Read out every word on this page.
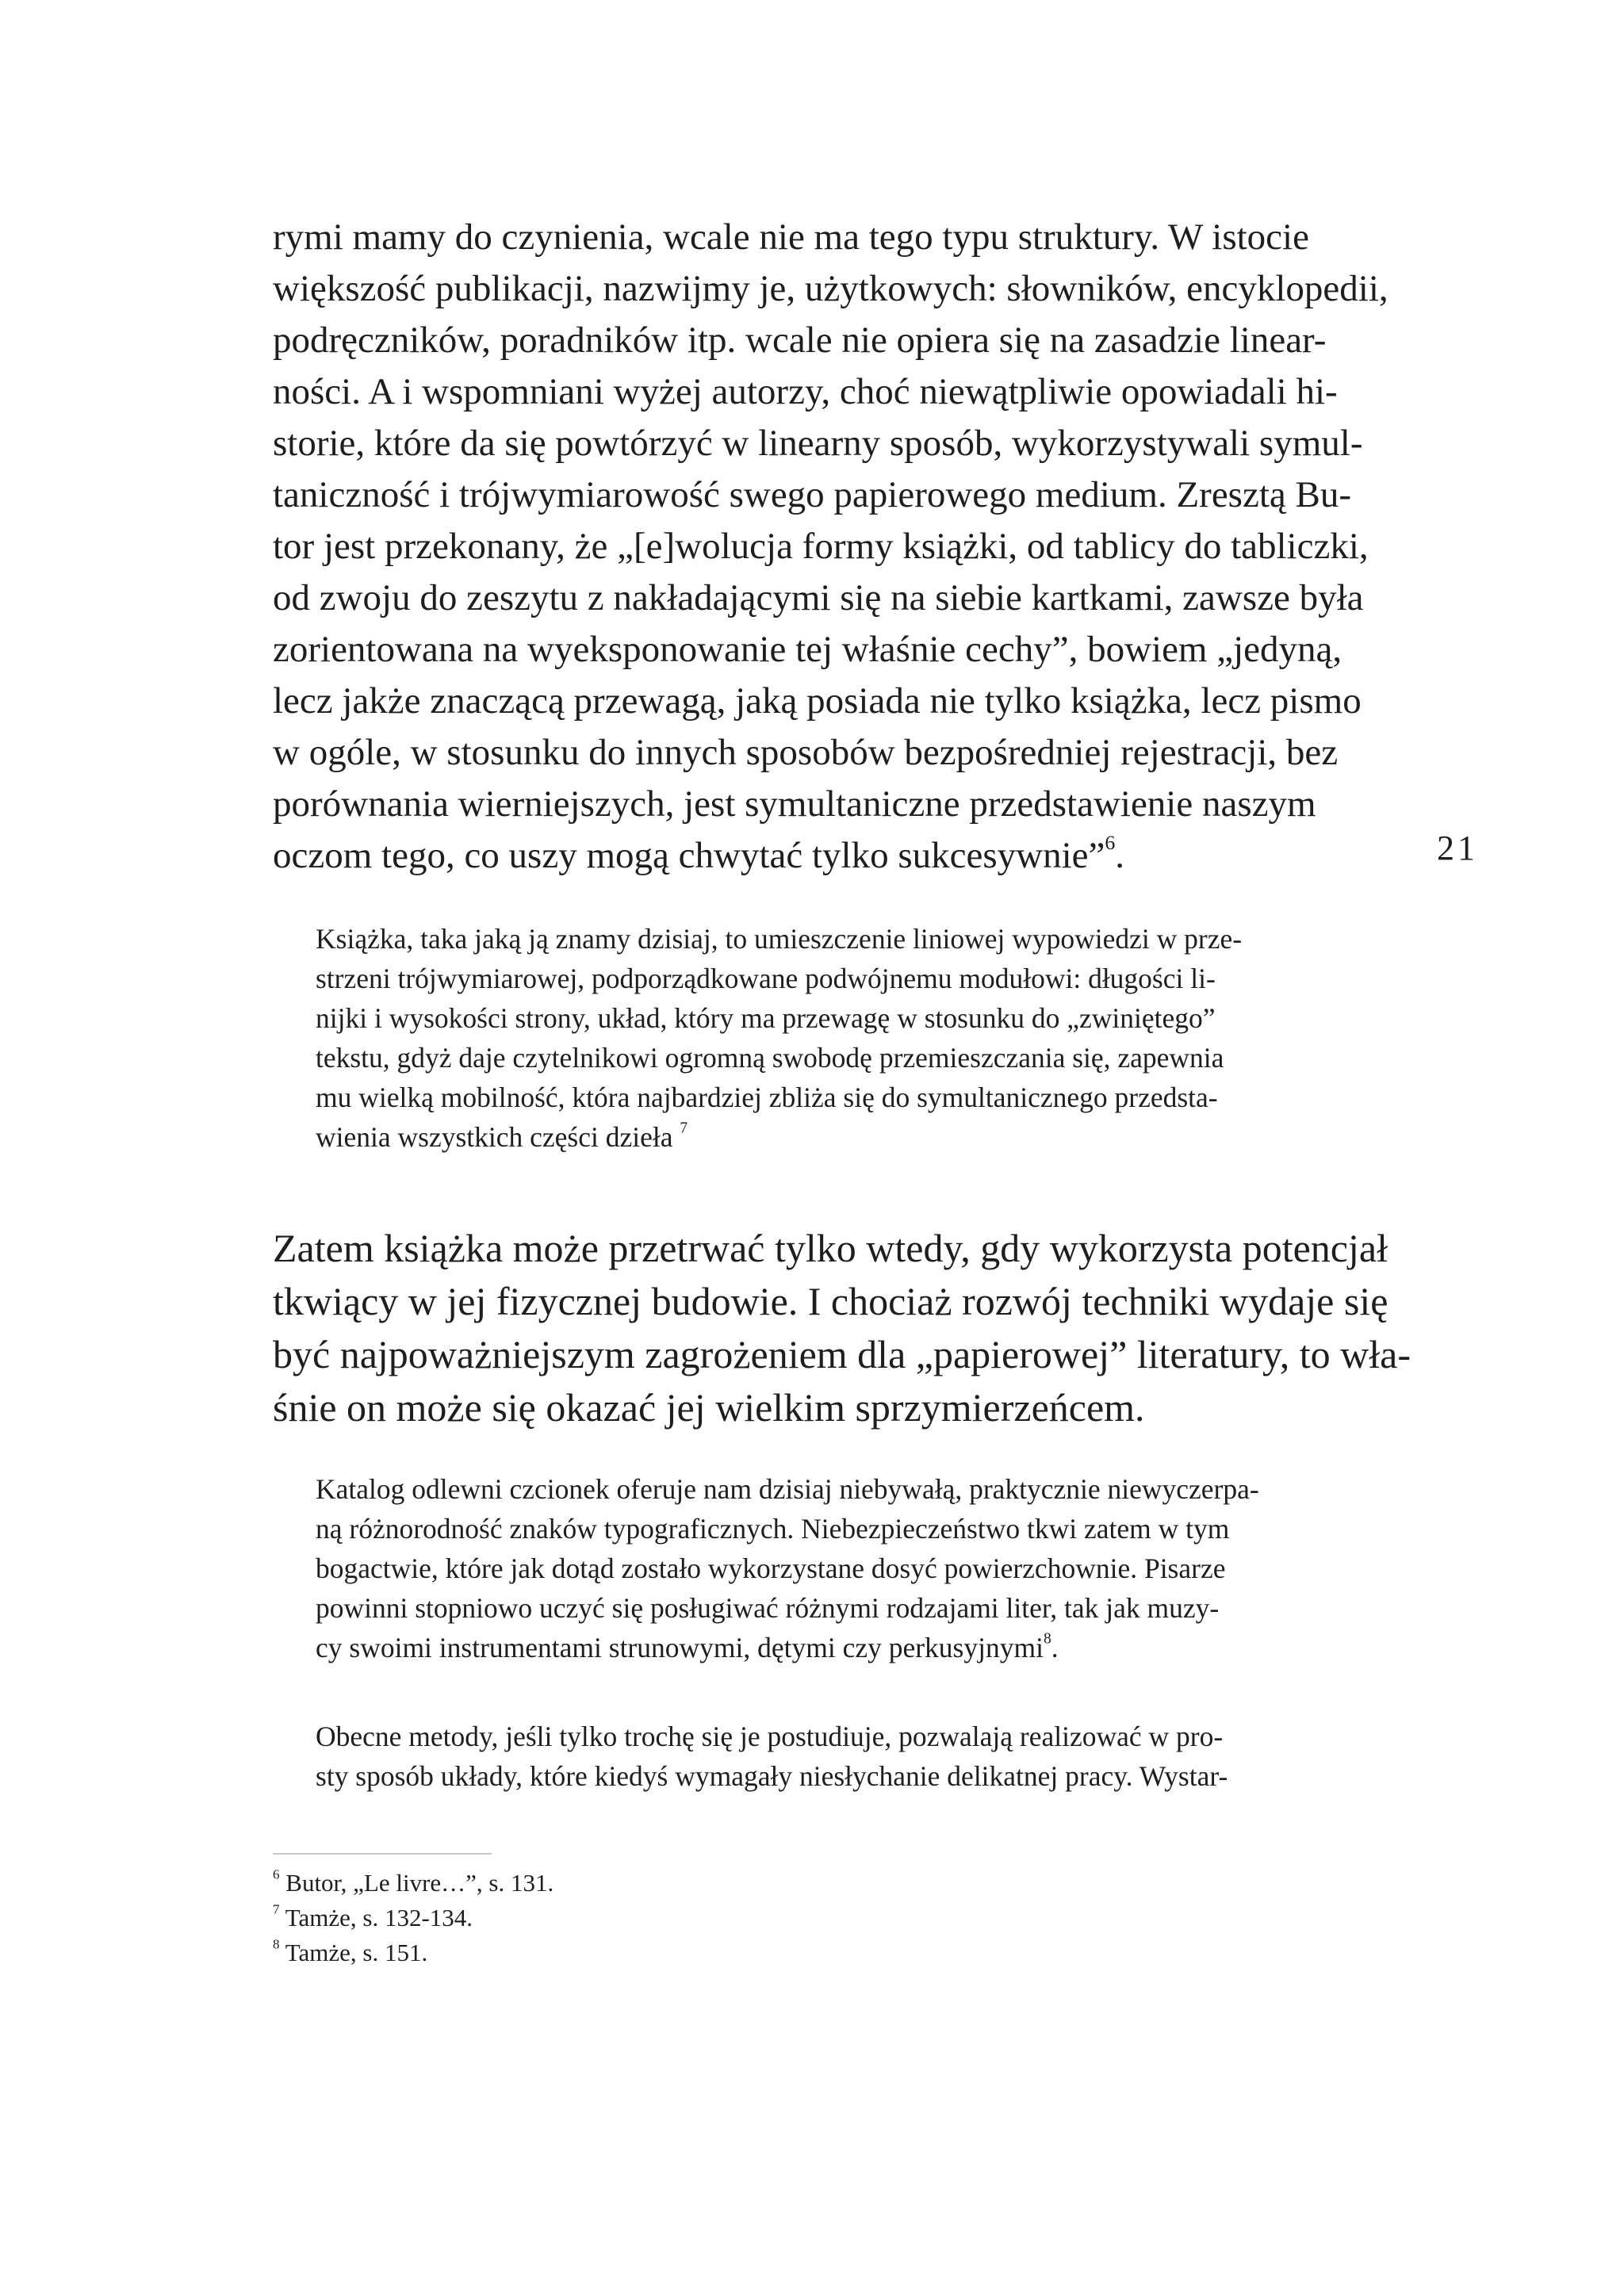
rymi mamy do czynienia, wcale nie ma tego typu struktury. W istocie
większość publikacji, nazwijmy je, użytkowych: słowników, encyklopedii,
podręczników, poradników itp. wcale nie opiera się na zasadzie linear-
ności. A i wspomniani wyżej autorzy, choć niewątpliwie opowiadali hi-
storie, które da się powtórzyć w linearny sposób, wykorzystywali symul-
taniczność i trójwymiarowość swego papierowego medium. Zresztą Bu-
tor jest przekonany, że „[e]wolucja formy książki, od tablicy do tabliczki,
od zwoju do zeszytu z nakładającymi się na siebie kartkami, zawsze była
zorientowana na wyeksponowanie tej właśnie cechy”, bowiem „jedyną,
lecz jakże znaczącą przewagą, jaką posiada nie tylko książka, lecz pismo
w ogóle, w stosunku do innych sposobów bezpośredniej rejestracji, bez
porównania wierniejszych, jest symultaniczne przedstawienie naszym
oczom tego, co uszy mogą chwytać tylko sukcesywnie”$^6$.	21
Książka, taka jaką ją znamy dzisiaj, to umieszczenie liniowej wypowiedzi w prze-
strzeni trójwymiarowej, podporządkowane podwójnemu modułowi: długości li-
nijki i wysokości strony, układ, który ma przewagę w stosunku do „zwiniętego”
tekstu, gdyż daje czytelnikowi ogromną swobodę przemieszczania się, zapewnia
mu wielką mobilność, która najbardziej zbliża się do symultanicznego przedsta-
wienia wszystkich części dzieła $^7$
Zatem książka może przetrwać tylko wtedy, gdy wykorzysta potencjał
tkwiący w jej fizycznej budowie. I chociaż rozwój techniki wydaje się
być najpoważniejszym zagrożeniem dla „papierowej” literatury, to wła-
śnie on może się okazać jej wielkim sprzymierzeńcem.
Katalog odlewni czcionek oferuje nam dzisiaj niebywałą, praktycznie niewyczerpa-
ną różnorodność znaków typograficznych. Niebezpieczeństwo tkwi zatem w tym
bogactwie, które jak dotąd zostało wykorzystane dosyć powierzchownie. Pisarze
powinni stopniowo uczyć się posługiwać różnymi rodzajami liter, tak jak muzy-
cy swoimi instrumentami strunowymi, dętymi czy perkusyjnymi$^8$.
Obecne metody, jeśli tylko trochę się je postudiuje, pozwalają realizować w pro-
sty sposób układy, które kiedyś wymagały niesłychanie delikatnej pracy. Wystar-
$^6$ Butor, „Le livre…”, s. 131.
$^7$ Tamże, s. 132-134.
$^8$ Tamże, s. 151.
